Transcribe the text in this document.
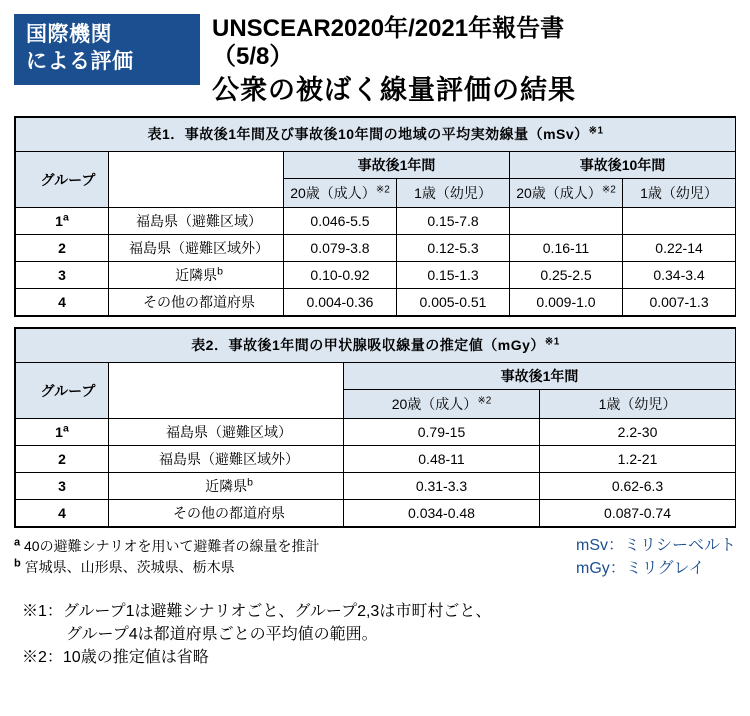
国際機関
による評価
UNSCEAR2020年/2021年報告書
（5/8）
公衆の被ばく線量評価の結果
表1．事故後1年間及び事故後10年間の地域の平均実効線量（mSv）$^{※1}$
グループ		事故後1年間		事故後10年間	
		20歳（成人）$^{※2}$	1歳（幼児）	20歳（成人）$^{※2}$	1歳（幼児）
1$^a$	福島県（避難区域）	0.046-5.5	0.15-7.8		
2	福島県（避難区域外）	0.079-3.8	0.12-5.3	0.16-11	0.22-14
3	近隣県$^b$	0.10-0.92	0.15-1.3	0.25-2.5	0.34-3.4
4	その他の都道府県	0.004-0.36	0.005-0.51	0.009-1.0	0.007-1.3
表2．事故後1年間の甲状腺吸収線量の推定値（mGy）$^{※1}$
グループ		事故後1年間	
		20歳（成人）$^{※2}$	1歳（幼児）
1$^a$	福島県（避難区域）	0.79-15	2.2-30
2	福島県（避難区域外）	0.48-11	1.2-21
3	近隣県$^b$	0.31-3.3	0.62-6.3
4	その他の都道府県	0.034-0.48	0.087-0.74
$^a$ 40の避難シナリオを用いて避難者の線量を推計
$^b$ 宮城県、山形県、茨城県、栃木県
mSv：ミリシーベルト
mGy：ミリグレイ
※1：グループ1は避難シナリオごと、グループ2,3は市町村ごと、
グループ4は都道府県ごとの平均値の範囲。
※2：10歳の推定値は省略
